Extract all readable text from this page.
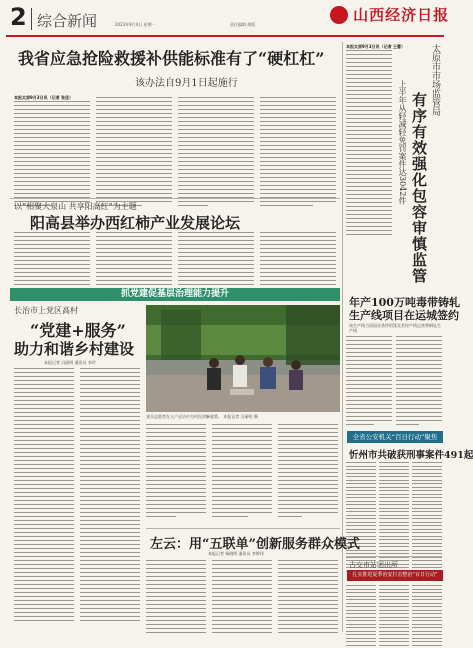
2 综合新闻	2023年9月4日 星期一	责任编辑 排版
山西经济日报
我省应急抢险救援补供能标准有了“硬杠杠”
该办法自9月1日起施行
本报太原9月3日讯（记者 张佳）
本报太原9月3日讯（记者 王蕾）	太原市市场监管局
有序有效强化包容审慎监管
上半年从轻减轻免罚案件达3042件
年产100万吨毒带铸轧
生产线项目在运城签约
该生产线当国国首条锌铝镁及其锌产线运营带钢轧生产线
全省公安机关“百日行动”聚焦
忻州市共破获刑事案件491起
古交市站团出所
扎实推进夏季治安打击整治“百日行动”
以“相聚大泉山 共享阳高红”为主题
阳高县举办西红柿产业发展论坛
抓党建促基层治理能力提升
长治市上党区高村
“党建+服务”
助力和谐乡村建设
本报记者 冯丽明 通讯员 李玲
党员志愿者在入户走访中为村民讲解政策。 本报记者 冯丽明 摄
左云：用“五联单”创新服务群众模式
本报记者 杨晓明 通讯员 李婷玮
